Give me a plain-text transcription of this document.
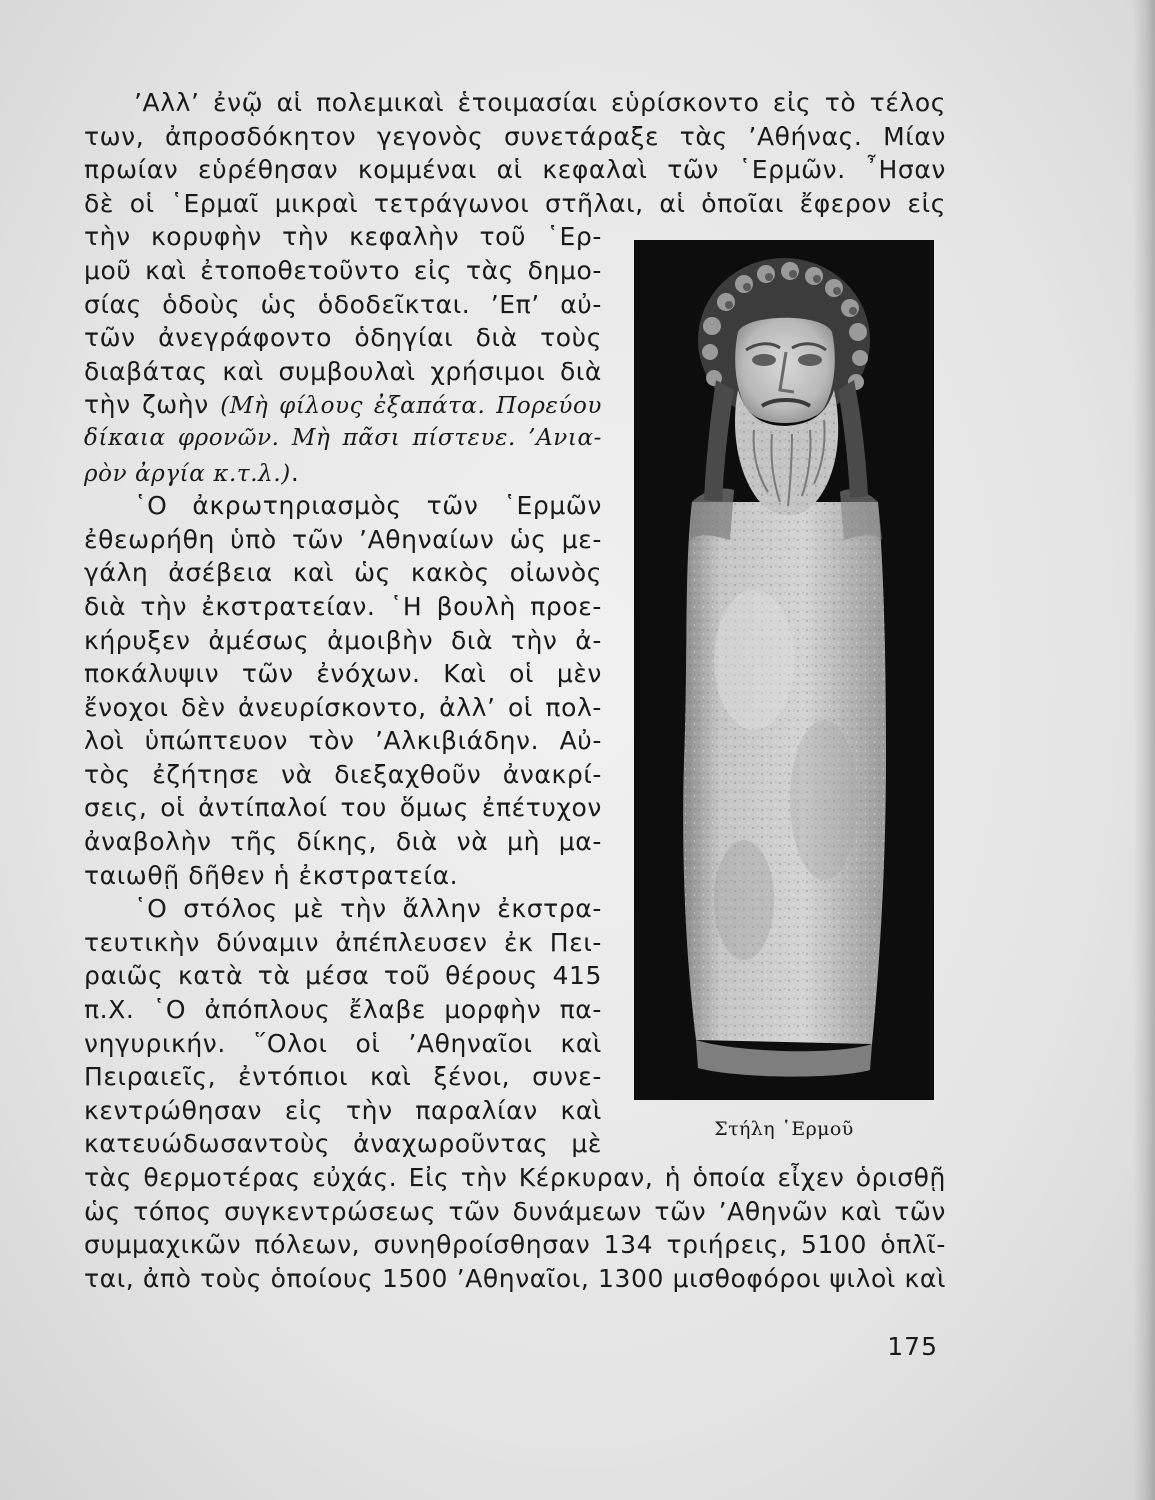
’Αλλ’ ἐνῷ αἱ πολεμικαὶ ἑτοιμασίαι εὑρίσκοντο εἰς τὸ τέλος
των, ἀπροσδόκητον γεγονὸς συνετάραξε τὰς ’Αθήνας. Μίαν
πρωίαν εὑρέθησαν κομμέναι αἱ κεφαλαὶ τῶν ῾Ερμῶν. ῏Ησαν
δὲ οἱ ῾Ερμαῖ μικραὶ τετράγωνοι στῆλαι, αἱ ὁποῖαι ἔφερον εἰς
τὴν κορυφὴν τὴν κεφαλὴν τοῦ ῾Ερ-
μοῦ καὶ ἐτοποθετοῦντο εἰς τὰς δημο-
σίας ὁδοὺς ὡς ὁδοδεῖκται. ’Επ’ αὐ-
τῶν ἀνεγράφοντο ὁδηγίαι διὰ τοὺς
διαβάτας καὶ συμβουλαὶ χρήσιμοι διὰ
τὴν ζωὴν (Μὴ φίλους ἐξαπάτα. Πορεύου
δίκαια φρονῶν. Μὴ πᾶσι πίστευε. ’Ανια-
ρὸν ἀργία κ.τ.λ.).
῾Ο ἀκρωτηριασμὸς τῶν ῾Ερμῶν
ἐθεωρήθη ὑπὸ τῶν ’Αθηναίων ὡς με-
γάλη ἀσέβεια καὶ ὡς κακὸς οἰωνὸς
διὰ τὴν ἐκστρατείαν. ῾Η βουλὴ προε-
κήρυξεν ἀμέσως ἀμοιβὴν διὰ τὴν ἀ-
ποκάλυψιν τῶν ἐνόχων. Καὶ οἱ μὲν
ἔνοχοι δὲν ἀνευρίσκοντο, ἀλλ’ οἱ πολ-
λοὶ ὑπώπτευον τὸν ’Αλκιβιάδην. Αὐ-
τὸς ἐζήτησε νὰ διεξαχθοῦν ἀνακρί-
σεις, οἱ ἀντίπαλοί του ὅμως ἐπέτυχον
ἀναβολὴν τῆς δίκης, διὰ νὰ μὴ μα-
ταιωθῇ δῆθεν ἡ ἐκστρατεία.
῾Ο στόλος μὲ τὴν ἄλλην ἐκστρα-
τευτικὴν δύναμιν ἀπέπλευσεν ἐκ Πει-
ραιῶς κατὰ τὰ μέσα τοῦ θέρους 415
π.Χ. ῾Ο ἀπόπλους ἔλαβε μορφὴν πα-
νηγυρικήν. ῞Ολοι οἱ ’Αθηναῖοι καὶ
Πειραιεῖς, ἐντόπιοι καὶ ξένοι, συνε-
κεντρώθησαν εἰς τὴν παραλίαν καὶ
κατευώδωσαντοὺς ἀναχωροῦντας μὲ
τὰς θερμοτέρας εὐχάς. Εἰς τὴν Κέρκυραν, ἡ ὁποία εἶχεν ὁρισθῇ
ὡς τόπος συγκεντρώσεως τῶν δυνάμεων τῶν ’Αθηνῶν καὶ τῶν
συμμαχικῶν πόλεων, συνηθροίσθησαν 134 τριήρεις, 5100 ὁπλῖ-
ται, ἀπὸ τοὺς ὁποίους 1500 ’Αθηναῖοι, 1300 μισθοφόροι ψιλοὶ καὶ
Στήλη ῾Ερμοῦ
175
